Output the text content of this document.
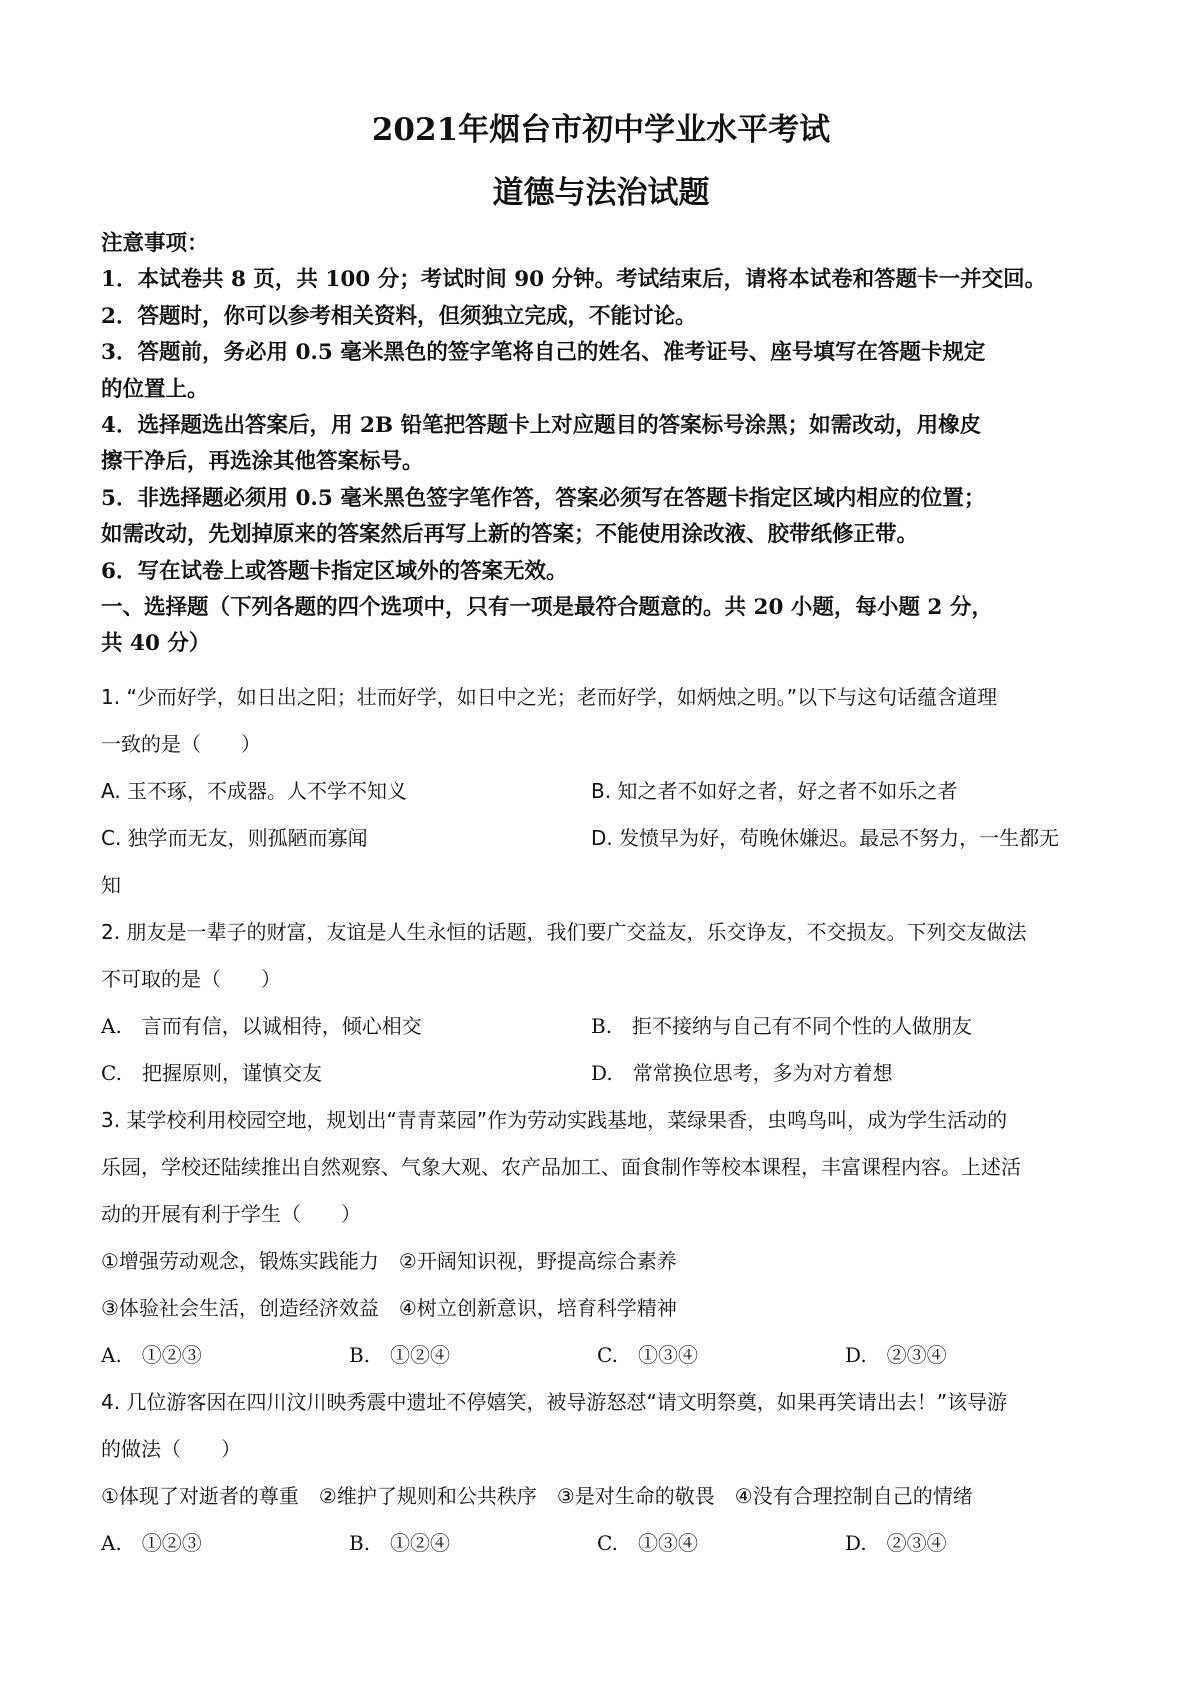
2021年烟台市初中学业水平考试
道德与法治试题
注意事项：
1．本试卷共 8 页，共 100 分；考试时间 90 分钟。考试结束后，请将本试卷和答题卡一并交回。
2．答题时，你可以参考相关资料，但须独立完成，不能讨论。
3．答题前，务必用 0.5 毫米黑色的签字笔将自己的姓名、准考证号、座号填写在答题卡规定
的位置上。
4．选择题选出答案后，用 2B 铅笔把答题卡上对应题目的答案标号涂黑；如需改动，用橡皮
擦干净后，再选涂其他答案标号。
5．非选择题必须用 0.5 毫米黑色签字笔作答，答案必须写在答题卡指定区域内相应的位置；
如需改动，先划掉原来的答案然后再写上新的答案；不能使用涂改液、胶带纸修正带。
6．写在试卷上或答题卡指定区域外的答案无效。
一、选择题（下列各题的四个选项中，只有一项是最符合题意的。共 20 小题，每小题 2 分，
共 40 分）
1. “少而好学，如日出之阳；壮而好学，如日中之光；老而好学，如炳烛之明。”以下与这句话蕴含道理
一致的是（　　）
A. 玉不琢，不成器。人不学不知义	B. 知之者不如好之者，好之者不如乐之者
C. 独学而无友，则孤陋而寡闻	D. 发愤早为好，苟晚休嫌迟。最忌不努力，一生都无
知
2. 朋友是一辈子的财富，友谊是人生永恒的话题，我们要广交益友，乐交诤友，不交损友。下列交友做法
不可取的是（　　）
A.　言而有信，以诚相待，倾心相交	B.　拒不接纳与自己有不同个性的人做朋友
C.　把握原则，谨慎交友	D.　常常换位思考，多为对方着想
3. 某学校利用校园空地，规划出“青青菜园”作为劳动实践基地，菜绿果香，虫鸣鸟叫，成为学生活动的
乐园，学校还陆续推出自然观察、气象大观、农产品加工、面食制作等校本课程，丰富课程内容。上述活
动的开展有利于学生（　　）
①增强劳动观念，锻炼实践能力　②开阔知识视，野提高综合素养
③体验社会生活，创造经济效益　④树立创新意识，培育科学精神
A.　①②③	B.　①②④	C.　①③④	D.　②③④
4. 几位游客因在四川汶川映秀震中遗址不停嬉笑，被导游怒怼“请文明祭奠，如果再笑请出去！”该导游
的做法（　　）
①体现了对逝者的尊重　②维护了规则和公共秩序　③是对生命的敬畏　④没有合理控制自己的情绪
A.　①②③	B.　①②④	C.　①③④	D.　②③④
